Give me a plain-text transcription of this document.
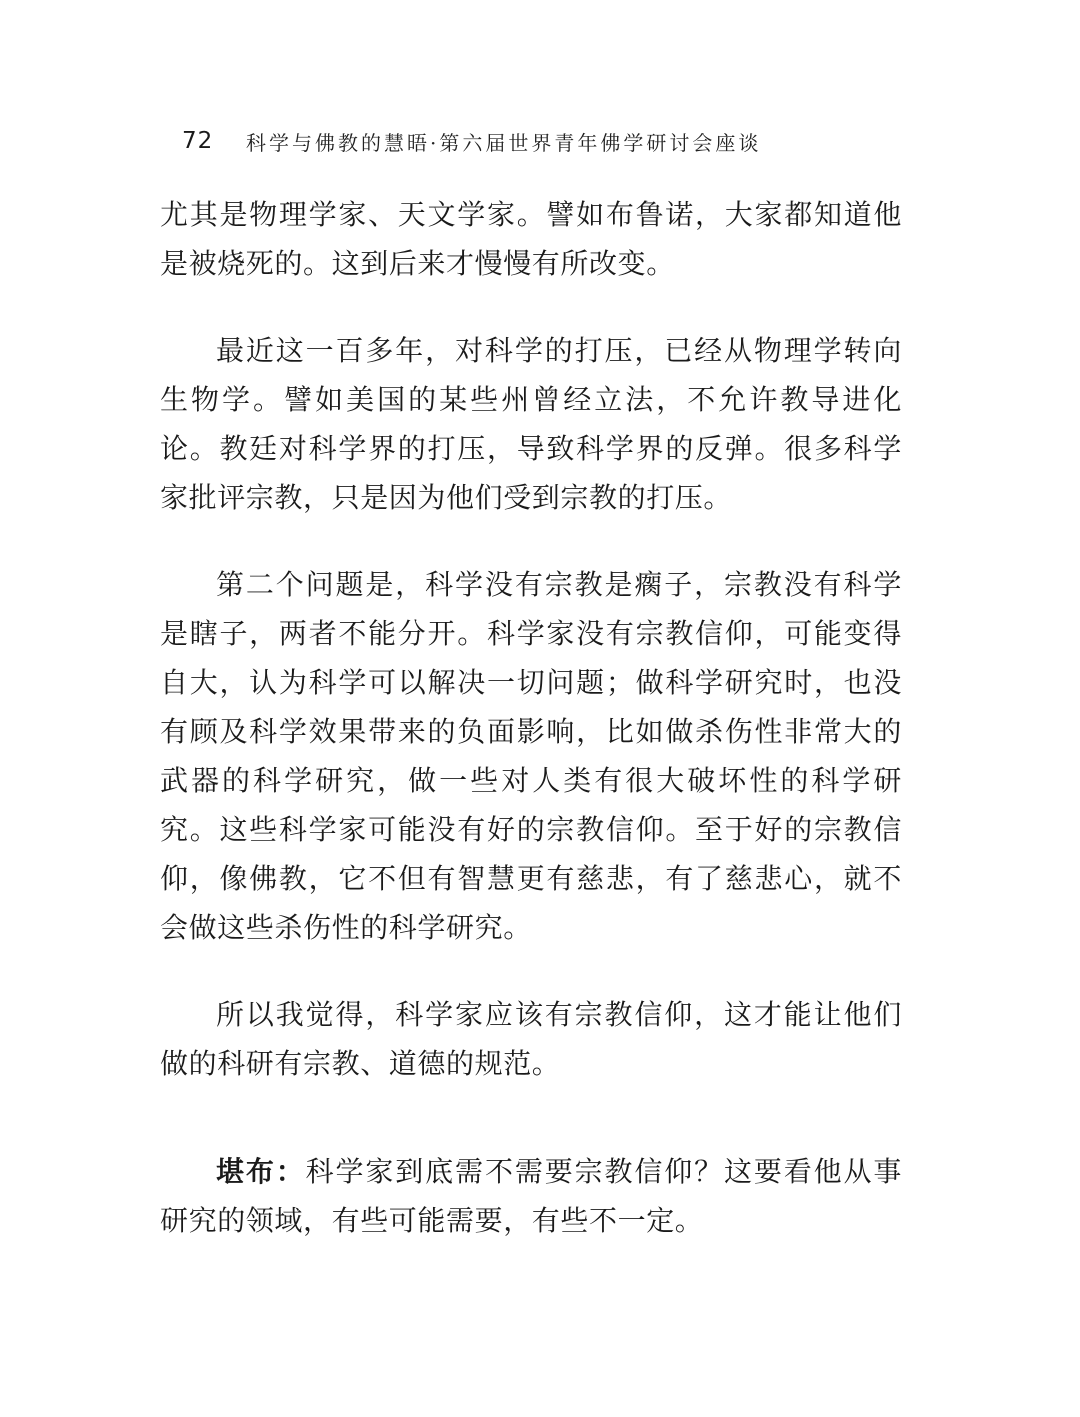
72	科学与佛教的慧晤·第六届世界青年佛学研讨会座谈

尤其是物理学家、天文学家。譬如布鲁诺，大家都知道他是被烧死的。这到后来才慢慢有所改变。

最近这一百多年，对科学的打压，已经从物理学转向生物学。譬如美国的某些州曾经立法，不允许教导进化论。教廷对科学界的打压，导致科学界的反弹。很多科学家批评宗教，只是因为他们受到宗教的打压。

第二个问题是，科学没有宗教是瘸子，宗教没有科学是瞎子，两者不能分开。科学家没有宗教信仰，可能变得自大，认为科学可以解决一切问题；做科学研究时，也没有顾及科学效果带来的负面影响，比如做杀伤性非常大的武器的科学研究，做一些对人类有很大破坏性的科学研究。这些科学家可能没有好的宗教信仰。至于好的宗教信仰，像佛教，它不但有智慧更有慈悲，有了慈悲心，就不会做这些杀伤性的科学研究。

所以我觉得，科学家应该有宗教信仰，这才能让他们做的科研有宗教、道德的规范。

堪布：科学家到底需不需要宗教信仰？这要看他从事研究的领域，有些可能需要，有些不一定。
